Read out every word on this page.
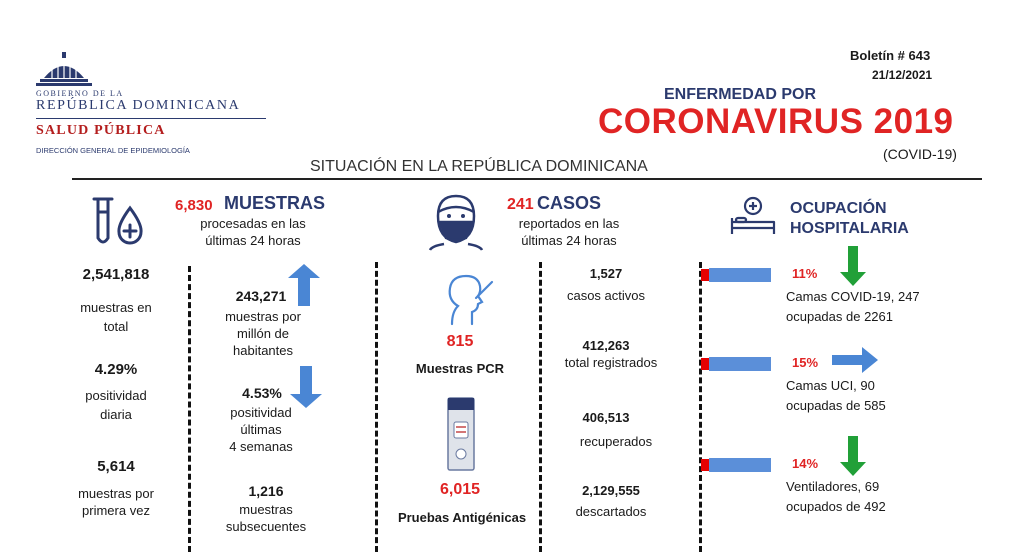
GOBIERNO DE LA
REPÚBLICA DOMINICANA
SALUD PÚBLICA
DIRECCIÓN GENERAL DE EPIDEMIOLOGÍA
Boletín # 643
21/12/2021
ENFERMEDAD POR
CORONAVIRUS 2019
(COVID-19)
SITUACIÓN EN LA REPÚBLICA DOMINICANA
6,830 MUESTRAS
procesadas en las
últimas 24 horas
2,541,818
muestras en
total
4.29%
positividad
diaria
5,614
muestras por
primera vez
243,271
muestras por
millón de
habitantes
4.53%
positividad
últimas
4 semanas
1,216
muestras
subsecuentes
241 CASOS
reportados en las
últimas 24 horas
815
Muestras PCR
6,015
Pruebas Antigénicas
1,527
casos activos
412,263
total registrados
406,513
recuperados
2,129,555
descartados
OCUPACIÓN
HOSPITALARIA
11%
Camas COVID-19, 247
ocupadas de 2261
15%
Camas UCI, 90
ocupadas de 585
14%
Ventiladores, 69
ocupados de 492
